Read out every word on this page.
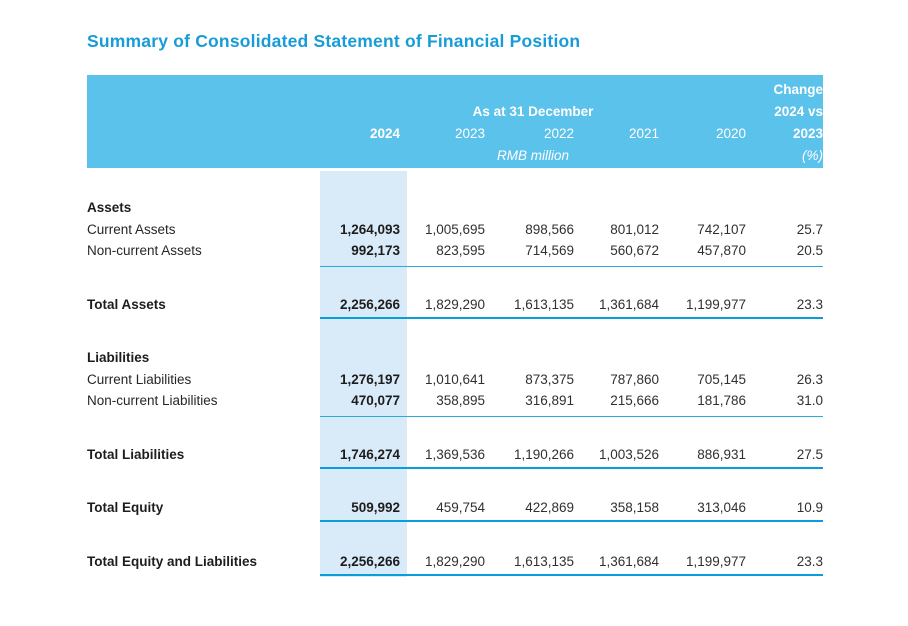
Summary of Consolidated Statement of Financial Position
Change
As at 31 December	2024 vs
2024	2023	2022	2021	2020	2023
RMB million	(%)
Assets
Current Assets	1,264,093	1,005,695	898,566	801,012	742,107	25.7
Non-current Assets	992,173	823,595	714,569	560,672	457,870	20.5
Total Assets	2,256,266	1,829,290	1,613,135	1,361,684	1,199,977	23.3
Liabilities
Current Liabilities	1,276,197	1,010,641	873,375	787,860	705,145	26.3
Non-current Liabilities	470,077	358,895	316,891	215,666	181,786	31.0
Total Liabilities	1,746,274	1,369,536	1,190,266	1,003,526	886,931	27.5
Total Equity	509,992	459,754	422,869	358,158	313,046	10.9
Total Equity and Liabilities	2,256,266	1,829,290	1,613,135	1,361,684	1,199,977	23.3
